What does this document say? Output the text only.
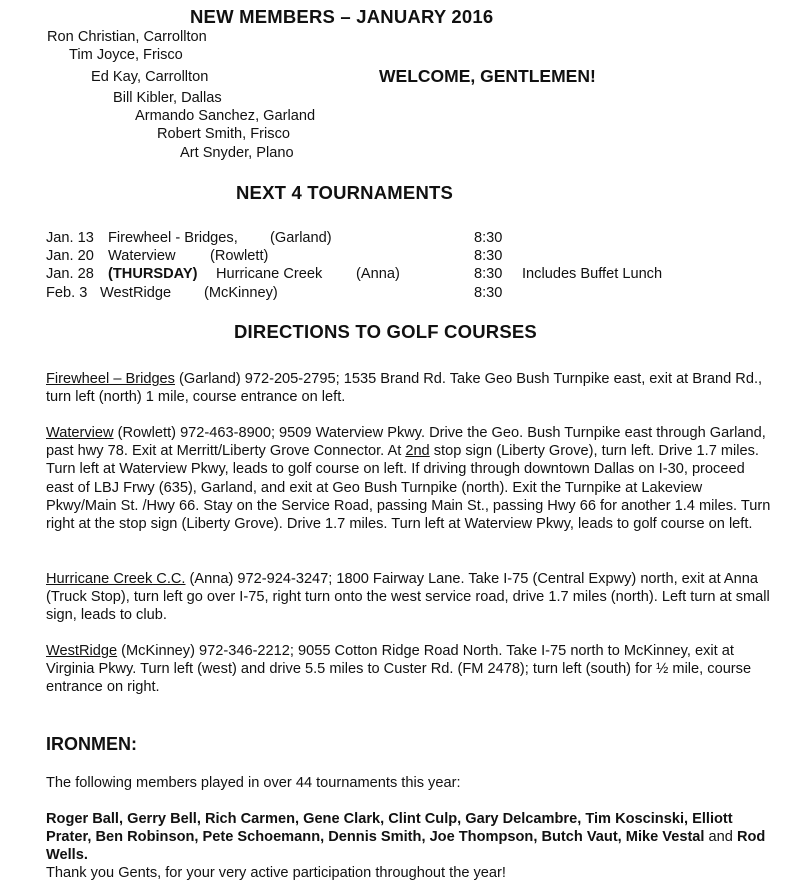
NEW MEMBERS – JANUARY 2016
Ron Christian, Carrollton
Tim Joyce, Frisco
Ed Kay, Carrollton
Bill Kibler, Dallas
Armando Sanchez, Garland
Robert Smith, Frisco
Art Snyder, Plano
WELCOME, GENTLEMEN!
NEXT 4 TOURNAMENTS
Jan. 13 Firewheel - Bridges, (Garland)	8:30
Jan. 20 Waterview (Rowlett)	8:30
Jan. 28 (THURSDAY) Hurricane Creek (Anna)	8:30 Includes Buffet Lunch
Feb. 3 WestRidge (McKinney)	8:30
DIRECTIONS TO GOLF COURSES
Firewheel – Bridges (Garland) 972-205-2795; 1535 Brand Rd. Take Geo Bush Turnpike east, exit at Brand Rd., turn left (north) 1 mile, course entrance on left.
Waterview (Rowlett) 972-463-8900; 9509 Waterview Pkwy. Drive the Geo. Bush Turnpike east through Garland, past hwy 78. Exit at Merritt/Liberty Grove Connector. At 2nd stop sign (Liberty Grove), turn left. Drive 1.7 miles. Turn left at Waterview Pkwy, leads to golf course on left. If driving through downtown Dallas on I-30, proceed east of LBJ Frwy (635), Garland, and exit at Geo Bush Turnpike (north). Exit the Turnpike at Lakeview Pkwy/Main St. /Hwy 66. Stay on the Service Road, passing Main St., passing Hwy 66 for another 1.4 miles. Turn right at the stop sign (Liberty Grove). Drive 1.7 miles. Turn left at Waterview Pkwy, leads to golf course on left.
Hurricane Creek C.C. (Anna) 972-924-3247; 1800 Fairway Lane. Take I-75 (Central Expwy) north, exit at Anna (Truck Stop), turn left go over I-75, right turn onto the west service road, drive 1.7 miles (north). Left turn at small sign, leads to club.
WestRidge (McKinney) 972-346-2212; 9055 Cotton Ridge Road North. Take I-75 north to McKinney, exit at Virginia Pkwy. Turn left (west) and drive 5.5 miles to Custer Rd. (FM 2478); turn left (south) for ½ mile, course entrance on right.
IRONMEN:
The following members played in over 44 tournaments this year:
Roger Ball, Gerry Bell, Rich Carmen, Gene Clark, Clint Culp, Gary Delcambre, Tim Koscinski, Elliott Prater, Ben Robinson, Pete Schoemann, Dennis Smith, Joe Thompson, Butch Vaut, Mike Vestal and Rod Wells.
Thank you Gents, for your very active participation throughout the year!
